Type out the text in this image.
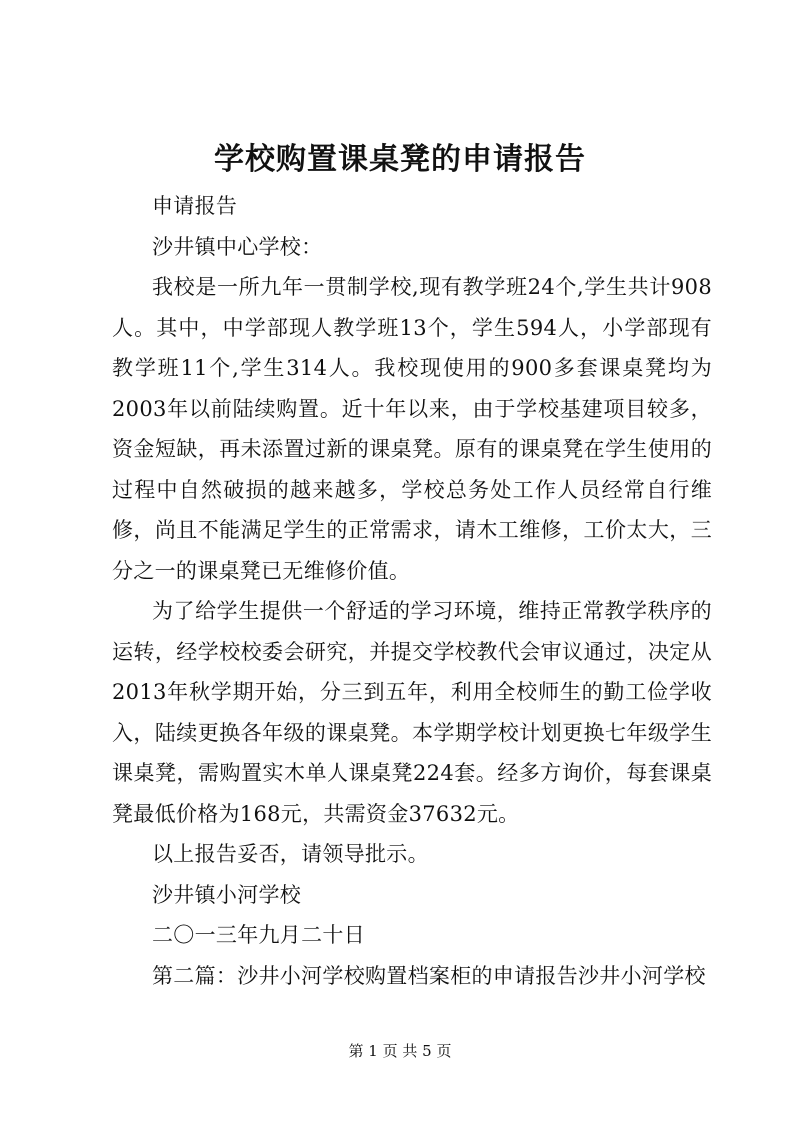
学校购置课桌凳的申请报告

申请报告

沙井镇中心学校：

我校是一所九年一贯制学校,现有教学班24个,学生共计908人。其中，中学部现人教学班13个，学生594人，小学部现有教学班11个,学生314人。我校现使用的900多套课桌凳均为2003年以前陆续购置。近十年以来，由于学校基建项目较多，资金短缺，再未添置过新的课桌凳。原有的课桌凳在学生使用的过程中自然破损的越来越多，学校总务处工作人员经常自行维修，尚且不能满足学生的正常需求，请木工维修，工价太大，三分之一的课桌凳已无维修价值。

为了给学生提供一个舒适的学习环境，维持正常教学秩序的运转，经学校校委会研究，并提交学校教代会审议通过，决定从2013年秋学期开始，分三到五年，利用全校师生的勤工俭学收入，陆续更换各年级的课桌凳。本学期学校计划更换七年级学生课桌凳，需购置实木单人课桌凳224套。经多方询价，每套课桌凳最低价格为168元，共需资金37632元。

以上报告妥否，请领导批示。

沙井镇小河学校

二〇一三年九月二十日

第二篇：沙井小河学校购置档案柜的申请报告沙井小河学校

第 1 页 共 5 页
